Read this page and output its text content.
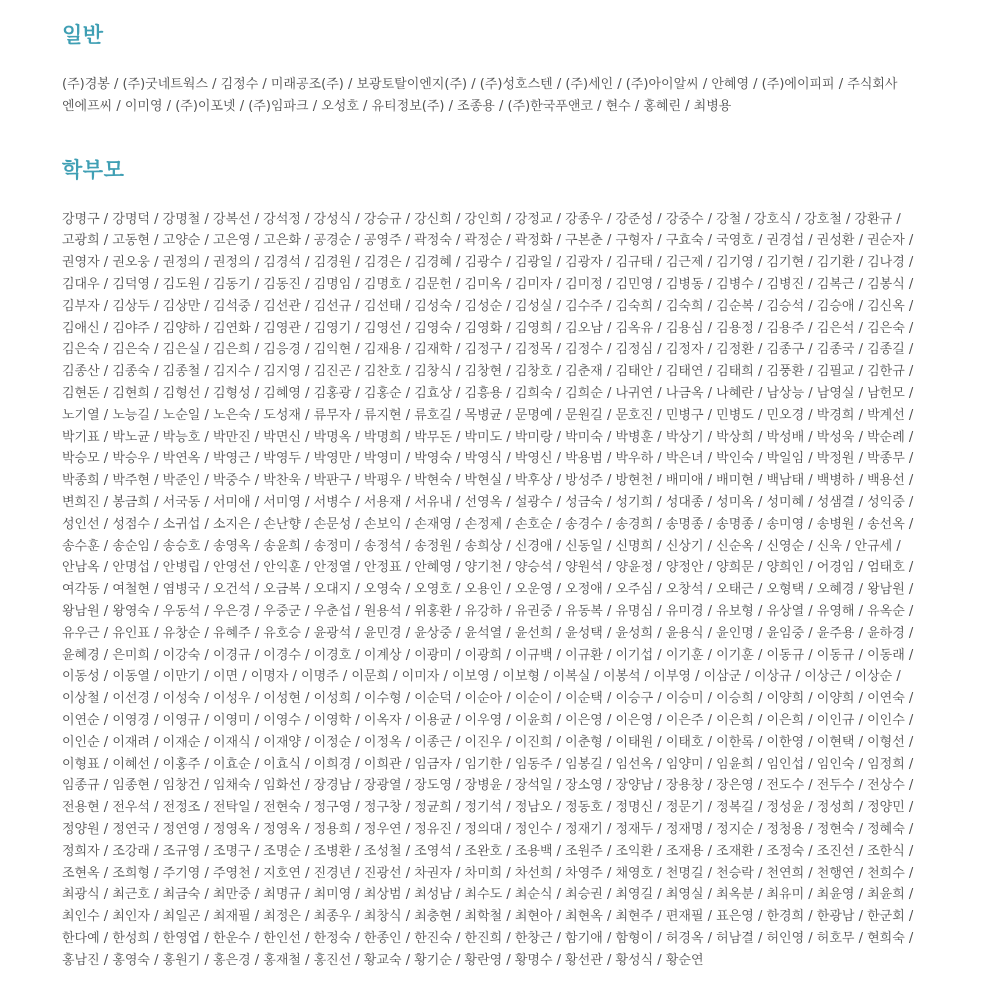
일반

(주)경봉 / (주)굿네트웍스 / 김정수 / 미래공조(주) / 보광토탈이엔지(주) / (주)성호스텐 / (주)세인 / (주)아이알씨 / 안혜영 / (주)에이피피 / 주식회사 엔에프씨 / 이미영 / (주)이포넷 / (주)임파크 / 오성호 / 유티정보(주) / 조종용 / (주)한국푸앤코 / 현수 / 홍혜린 / 최병용

학부모

강명구 / 강명덕 / 강명철 / 강복선 / 강석정 / 강성식 / 강승규 / 강신희 / 강인희 / 강정교 / 강종우 / 강준성 / 강중수 / 강철 / 강호식 / 강호철 / 강환규 / 고광희 / 고동현 / 고양순 / 고은영 / 고은화 / 공경순 / 공영주 / 곽정숙 / 곽정순 / 곽정화 / 구본춘 / 구형자 / 구효숙 / 국영호 / 권경섭 / 권성환 / 권순자 / 권영자 / 권오웅 / 권정의 / 권정의 / 김경석 / 김경원 / 김경은 / 김경혜 / 김광수 / 김광일 / 김광자 / 김규태 / 김근제 / 김기영 / 김기현 / 김기환 / 김나경 / 김대우 / 김덕영 / 김도원 / 김동기 / 김동진 / 김명임 / 김명호 / 김문헌 / 김미옥 / 김미자 / 김미정 / 김민영 / 김병동 / 김병수 / 김병진 / 김복근 / 김봉식 / 김부자 / 김상두 / 김상만 / 김석중 / 김선관 / 김선규 / 김선태 / 김성숙 / 김성순 / 김성실 / 김수주 / 김숙희 / 김숙희 / 김순복 / 김승석 / 김승애 / 김신옥 / 김애신 / 김야주 / 김양하 / 김연화 / 김영관 / 김영기 / 김영선 / 김영숙 / 김영화 / 김영희 / 김오남 / 김옥유 / 김용심 / 김용정 / 김용주 / 김은석 / 김은숙 / 김은숙 / 김은숙 / 김은실 / 김은희 / 김응경 / 김익현 / 김재용 / 김재학 / 김정구 / 김정목 / 김정수 / 김정심 / 김정자 / 김정환 / 김종구 / 김종국 / 김종길 / 김종산 / 김종숙 / 김종철 / 김지수 / 김지영 / 김진곤 / 김찬호 / 김창식 / 김창현 / 김창호 / 김춘재 / 김태안 / 김태연 / 김태희 / 김풍환 / 김필교 / 김한규 / 김현돈 / 김현희 / 김형선 / 김형성 / 김혜영 / 김홍광 / 김홍순 / 김효상 / 김흥용 / 김희숙 / 김희순 / 나귀연 / 나금옥 / 나혜란 / 남상능 / 남영실 / 남헌모 / 노기열 / 노능길 / 노순일 / 노은숙 / 도성재 / 류무자 / 류지현 / 류호길 / 목병균 / 문명예 / 문원길 / 문호진 / 민병구 / 민병도 / 민오경 / 박경희 / 박계선 / 박기표 / 박노균 / 박능호 / 박만진 / 박면신 / 박명옥 / 박명희 / 박무돈 / 박미도 / 박미랑 / 박미숙 / 박병훈 / 박상기 / 박상희 / 박성배 / 박성욱 / 박순례 / 박승모 / 박승우 / 박연옥 / 박영근 / 박영두 / 박영만 / 박영미 / 박영숙 / 박영식 / 박영신 / 박용범 / 박우하 / 박은녀 / 박인숙 / 박일임 / 박정원 / 박종무 / 박종희 / 박주현 / 박준인 / 박중수 / 박찬욱 / 박판구 / 박평우 / 박현숙 / 박현실 / 박후상 / 방성주 / 방현천 / 배미애 / 배미현 / 백남태 / 백병하 / 백용선 / 변희진 / 봉금희 / 서국동 / 서미애 / 서미영 / 서병수 / 서용재 / 서유내 / 선영옥 / 설광수 / 성금숙 / 성기희 / 성대종 / 성미옥 / 성미혜 / 성샘결 / 성익중 / 성인선 / 성점수 / 소귀섭 / 소지은 / 손난향 / 손문성 / 손보익 / 손재영 / 손정제 / 손호순 / 송경수 / 송경희 / 송명종 / 송명종 / 송미영 / 송병원 / 송선옥 / 송수훈 / 송순임 / 송승호 / 송영옥 / 송윤희 / 송정미 / 송정석 / 송정원 / 송희상 / 신경애 / 신동일 / 신명희 / 신상기 / 신순옥 / 신영순 / 신욱 / 안규세 / 안남옥 / 안명섭 / 안병립 / 안영선 / 안익훈 / 안정열 / 안정표 / 안혜영 / 양기천 / 양승석 / 양원석 / 양윤정 / 양정안 / 양희문 / 양희인 / 어경임 / 엄태호 / 여각동 / 여철현 / 염병국 / 오건석 / 오금복 / 오대지 / 오영숙 / 오영호 / 오용인 / 오운영 / 오정애 / 오주심 / 오창석 / 오태근 / 오형택 / 오혜경 / 왕남원 / 왕남원 / 왕영숙 / 우동석 / 우은경 / 우중군 / 우춘섭 / 원용석 / 위홍환 / 유강하 / 유권중 / 유동복 / 유명심 / 유미경 / 유보형 / 유상열 / 유영해 / 유옥순 / 유우근 / 유인표 / 유창순 / 유혜주 / 유호승 / 윤광석 / 윤민경 / 윤상중 / 윤석열 / 윤선희 / 윤성택 / 윤성희 / 윤용식 / 윤인명 / 윤임중 / 윤주용 / 윤하경 / 윤혜경 / 은미희 / 이강숙 / 이경규 / 이경수 / 이경호 / 이계상 / 이광미 / 이광희 / 이규백 / 이규환 / 이기섭 / 이기훈 / 이기훈 / 이동규 / 이동규 / 이동래 / 이동성 / 이동열 / 이만기 / 이면 / 이명자 / 이명주 / 이문희 / 이미자 / 이보영 / 이보형 / 이복실 / 이봉석 / 이부영 / 이삼군 / 이상규 / 이상근 / 이상순 / 이상철 / 이선경 / 이성숙 / 이성우 / 이성현 / 이성희 / 이수형 / 이순덕 / 이순아 / 이순이 / 이순택 / 이승구 / 이승미 / 이승희 / 이양희 / 이양희 / 이연숙 / 이연순 / 이영경 / 이영규 / 이영미 / 이영수 / 이영학 / 이옥자 / 이용균 / 이우영 / 이윤희 / 이은영 / 이은영 / 이은주 / 이은희 / 이은희 / 이인규 / 이인수 / 이인순 / 이재려 / 이재순 / 이재식 / 이재양 / 이정순 / 이정옥 / 이종근 / 이진우 / 이진희 / 이춘형 / 이태원 / 이태호 / 이한록 / 이한영 / 이현택 / 이형선 / 이형표 / 이혜선 / 이홍주 / 이효순 / 이효식 / 이희경 / 이희관 / 임금자 / 임기한 / 임동주 / 임봉길 / 임선옥 / 임양미 / 임윤희 / 임인섭 / 임인숙 / 임정희 / 임종규 / 임종현 / 임창건 / 임채숙 / 임화선 / 장경남 / 장광열 / 장도영 / 장병윤 / 장석일 / 장소영 / 장양남 / 장용창 / 장은영 / 전도수 / 전두수 / 전상수 / 전용현 / 전우석 / 전정조 / 전탁일 / 전현숙 / 정구영 / 정구창 / 정균희 / 정기석 / 정남오 / 정동호 / 정명신 / 정문기 / 정복길 / 정성윤 / 정성희 / 정양민 / 정양원 / 정연국 / 정연영 / 정영옥 / 정영옥 / 정용희 / 정우연 / 정유진 / 정의대 / 정인수 / 정재기 / 정재두 / 정재명 / 정지순 / 정청용 / 정현숙 / 정혜숙 / 정희자 / 조강래 / 조규영 / 조명구 / 조명순 / 조병환 / 조성철 / 조영석 / 조완호 / 조용백 / 조원주 / 조익환 / 조재용 / 조재환 / 조정숙 / 조진선 / 조한식 / 조현옥 / 조희형 / 주기영 / 주영천 / 지호연 / 진경년 / 진광선 / 차권자 / 차미희 / 차선희 / 차영주 / 채영호 / 천명길 / 천승락 / 천연희 / 천행연 / 천희수 / 최광식 / 최근호 / 최금숙 / 최만중 / 최명규 / 최미영 / 최상범 / 최성남 / 최수도 / 최순식 / 최승권 / 최영길 / 최영실 / 최옥분 / 최유미 / 최윤영 / 최윤희 / 최인수 / 최인자 / 최일곤 / 최재필 / 최정은 / 최종우 / 최창식 / 최충현 / 최학철 / 최현아 / 최현옥 / 최현주 / 편재필 / 표은영 / 한경희 / 한광남 / 한군회 / 한다예 / 한성희 / 한영엽 / 한운수 / 한인선 / 한정숙 / 한종인 / 한진숙 / 한진희 / 한창근 / 함기애 / 함형이 / 허경옥 / 허남결 / 허인영 / 허호무 / 현희숙 / 홍남진 / 홍영숙 / 홍원기 / 홍은경 / 홍재철 / 홍진선 / 황교숙 / 황기순 / 황란영 / 황명수 / 황선관 / 황성식 / 황순연
